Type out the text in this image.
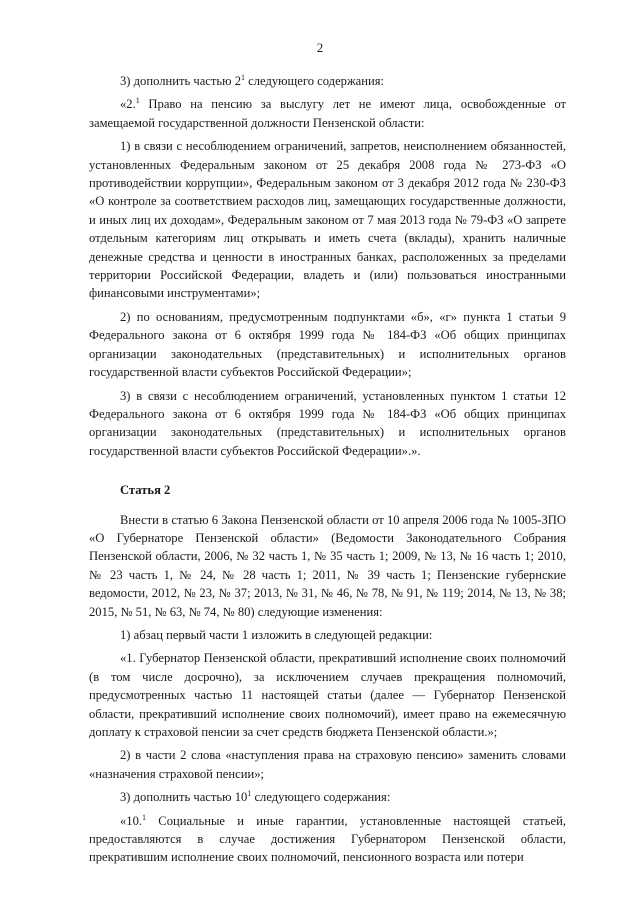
2

3) дополнить частью $2^1$ следующего содержания:

«2.$^1$ Право на пенсию за выслугу лет не имеют лица, освобожденные от замещаемой государственной должности Пензенской области:

1) в связи с несоблюдением ограничений, запретов, неисполнением обязанностей, установленных Федеральным законом от 25 декабря 2008 года № 273-ФЗ «О противодействии коррупции», Федеральным законом от 3 декабря 2012 года № 230-ФЗ «О контроле за соответствием расходов лиц, замещающих государственные должности, и иных лиц их доходам», Федеральным законом от 7 мая 2013 года № 79-ФЗ «О запрете отдельным категориям лиц открывать и иметь счета (вклады), хранить наличные денежные средства и ценности в иностранных банках, расположенных за пределами территории Российской Федерации, владеть и (или) пользоваться иностранными финансовыми инструментами»;

2) по основаниям, предусмотренным подпунктами «б», «г» пункта 1 статьи 9 Федерального закона от 6 октября 1999 года № 184-ФЗ «Об общих принципах организации законодательных (представительных) и исполнительных органов государственной власти субъектов Российской Федерации»;

3) в связи с несоблюдением ограничений, установленных пунктом 1 статьи 12 Федерального закона от 6 октября 1999 года № 184-ФЗ «Об общих принципах организации законодательных (представительных) и исполнительных органов государственной власти субъектов Российской Федерации».».

Статья 2

Внести в статью 6 Закона Пензенской области от 10 апреля 2006 года № 1005-ЗПО «О Губернаторе Пензенской области» (Ведомости Законодательного Собрания Пензенской области, 2006, № 32 часть 1, № 35 часть 1; 2009, № 13, № 16 часть 1; 2010, № 23 часть 1, № 24, № 28 часть 1; 2011, № 39 часть 1; Пензенские губернские ведомости, 2012, № 23, № 37; 2013, № 31, № 46, № 78, № 91, № 119; 2014, № 13, № 38; 2015, № 51, № 63, № 74, № 80) следующие изменения:

1) абзац первый части 1 изложить в следующей редакции:

«1. Губернатор Пензенской области, прекративший исполнение своих полномочий (в том числе досрочно), за исключением случаев прекращения полномочий, предусмотренных частью 11 настоящей статьи (далее — Губернатор Пензенской области, прекративший исполнение своих полномочий), имеет право на ежемесячную доплату к страховой пенсии за счет средств бюджета Пензенской области.»;

2) в части 2 слова «наступления права на страховую пенсию» заменить словами «назначения страховой пенсии»;

3) дополнить частью $10^1$ следующего содержания:

«10.$^1$ Социальные и иные гарантии, установленные настоящей статьей, предоставляются в случае достижения Губернатором Пензенской области, прекратившим исполнение своих полномочий, пенсионного возраста или потери
